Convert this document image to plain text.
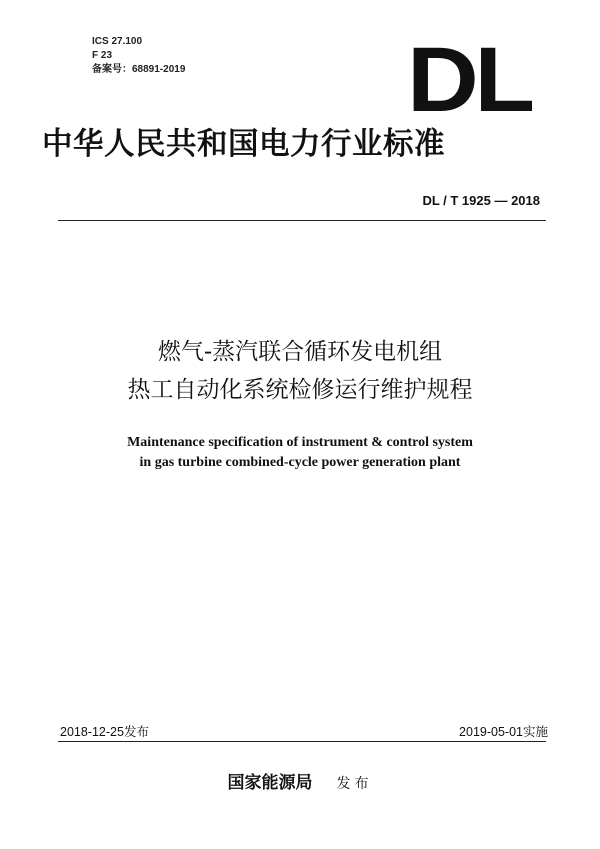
ICS 27.100
F 23
备案号：68891-2019 DL
中华人民共和国电力行业标准
DL / T 1925 — 2018
燃气-蒸汽联合循环发电机组
热工自动化系统检修运行维护规程
Maintenance specification of instrument & control system
in gas turbine combined-cycle power generation plant
2018-12-25发布	2019-05-01实施
国家能源局 发布
